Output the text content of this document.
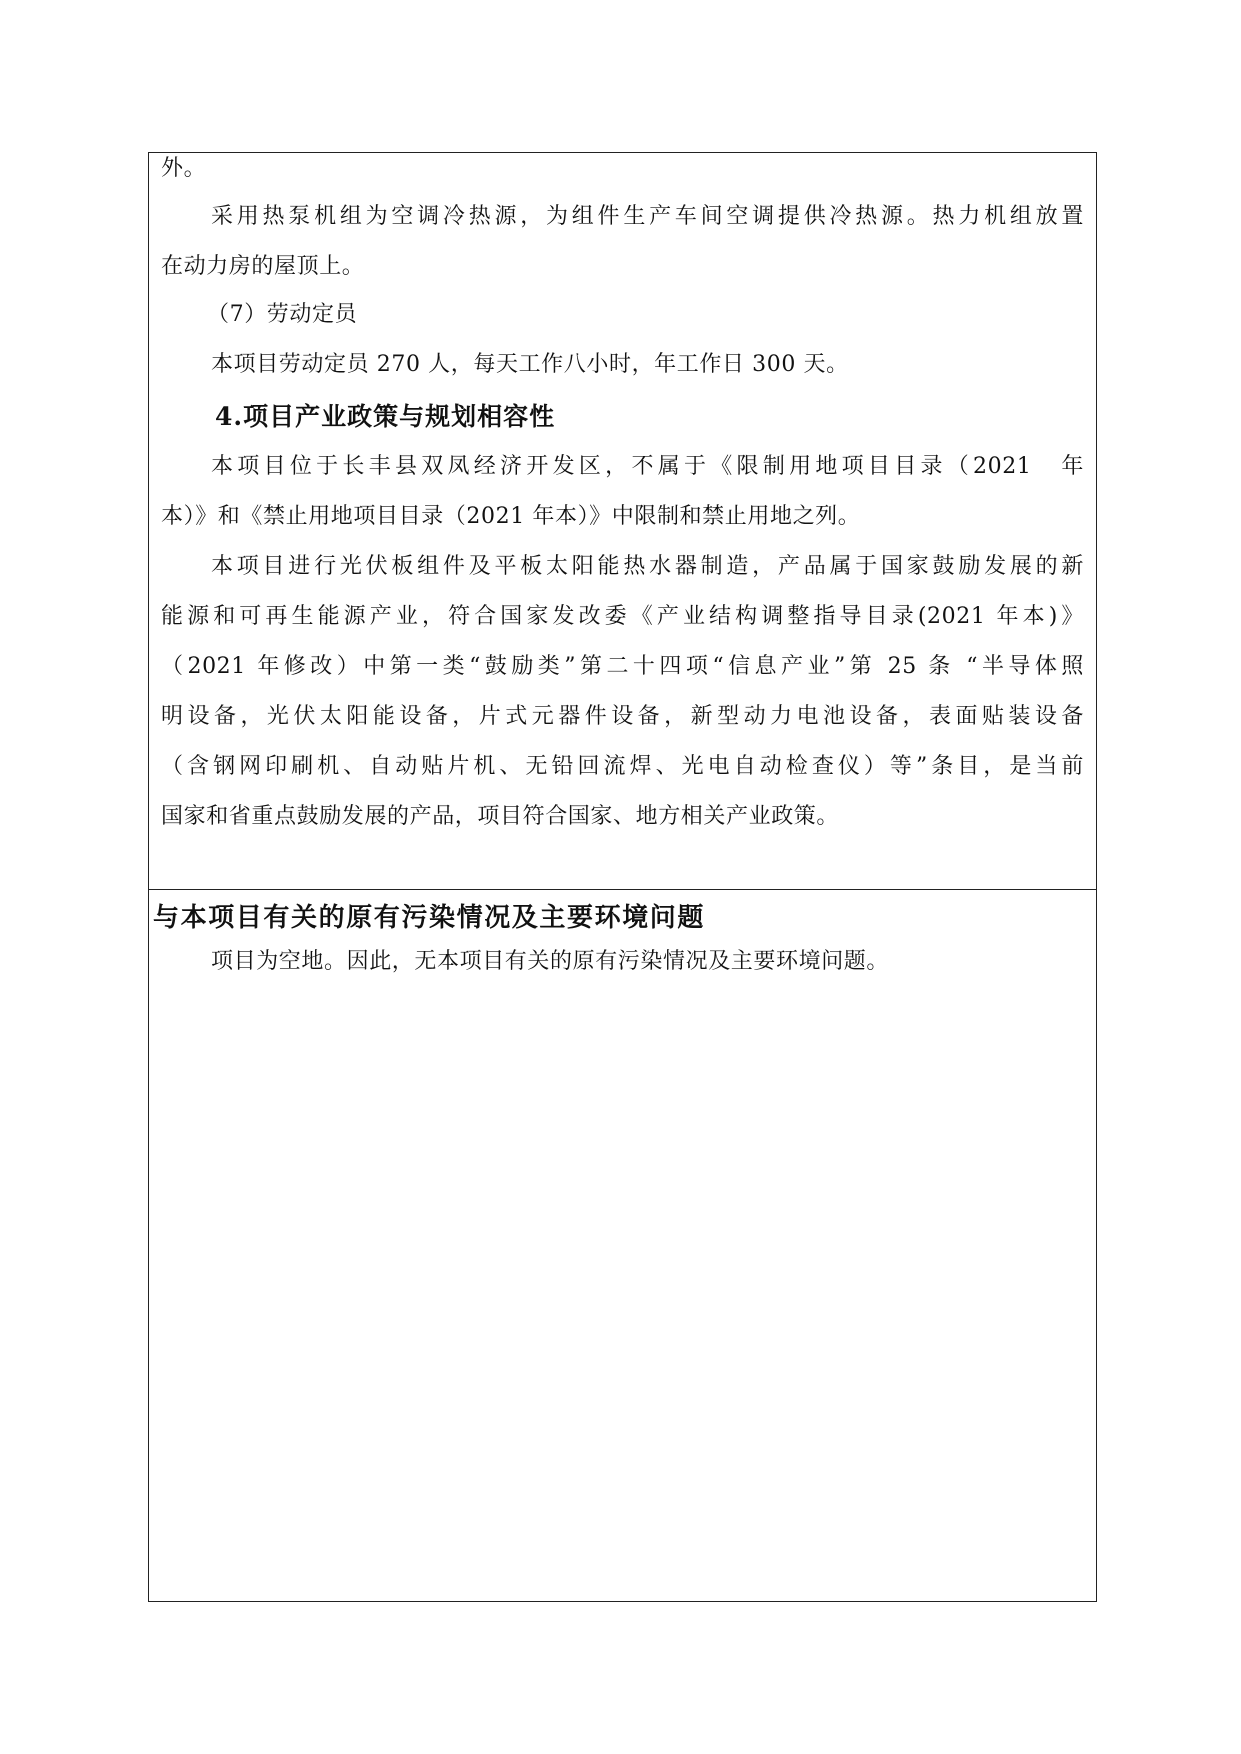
外。
采用热泵机组为空调冷热源，为组件生产车间空调提供冷热源。热力机组放置
在动力房的屋顶上。
（7）劳动定员
本项目劳动定员 270 人，每天工作八小时，年工作日 300 天。
4.项目产业政策与规划相容性
本项目位于长丰县双凤经济开发区，不属于《限制用地项目目录（2021　年
本）》和《禁止用地项目目录（2021 年本）》中限制和禁止用地之列。
本项目进行光伏板组件及平板太阳能热水器制造，产品属于国家鼓励发展的新
能源和可再生能源产业，符合国家发改委《产业结构调整指导目录(2021 年本)》
（2021 年修改）中第一类“鼓励类”第二十四项“信息产业”第 25 条 “半导体照
明设备，光伏太阳能设备，片式元器件设备，新型动力电池设备，表面贴装设备
（含钢网印刷机、自动贴片机、无铅回流焊、光电自动检查仪）等”条目，是当前
国家和省重点鼓励发展的产品，项目符合国家、地方相关产业政策。
与本项目有关的原有污染情况及主要环境问题
项目为空地。因此，无本项目有关的原有污染情况及主要环境问题。
